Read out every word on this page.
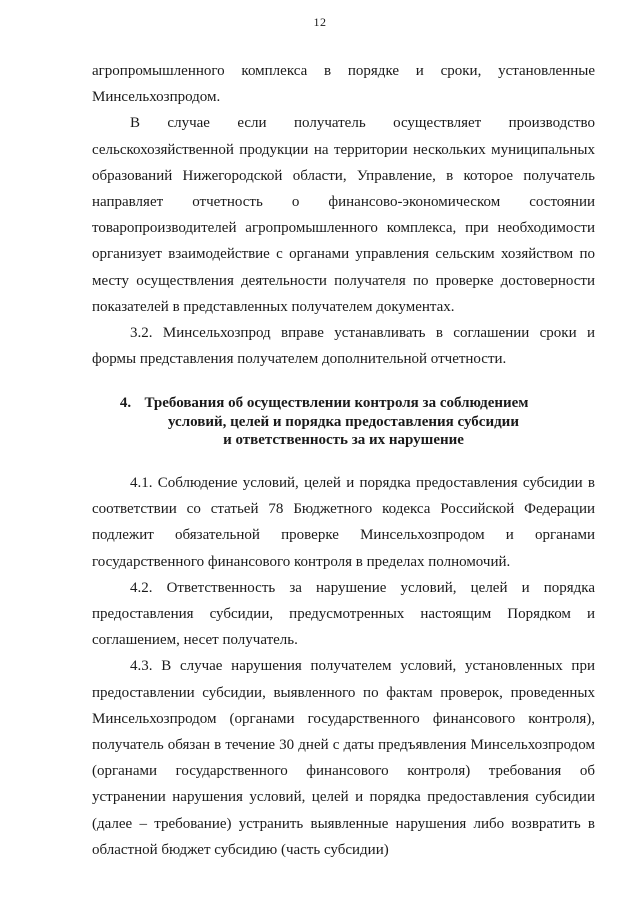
12

агропромышленного комплекса в порядке и сроки, установленные Минсельхозпродом.

В случае если получатель осуществляет производство сельскохозяйственной продукции на территории нескольких муниципальных образований Нижегородской области, Управление, в которое получатель направляет отчетность о финансово-экономическом состоянии товаропроизводителей агропромышленного комплекса, при необходимости организует взаимодействие с органами управления сельским хозяйством по месту осуществления деятельности получателя по проверке достоверности показателей в представленных получателем документах.

3.2. Минсельхозпрод вправе устанавливать в соглашении сроки и формы представления получателем дополнительной отчетности.

4. Требования об осуществлении контроля за соблюдением
условий, целей и порядка предоставления субсидии
и ответственность за их нарушение

4.1. Соблюдение условий, целей и порядка предоставления субсидии в соответствии со статьей 78 Бюджетного кодекса Российской Федерации подлежит обязательной проверке Минсельхозпродом и органами государственного финансового контроля в пределах полномочий.

4.2. Ответственность за нарушение условий, целей и порядка предоставления субсидии, предусмотренных настоящим Порядком и соглашением, несет получатель.

4.3. В случае нарушения получателем условий, установленных при предоставлении субсидии, выявленного по фактам проверок, проведенных Минсельхозпродом (органами государственного финансового контроля), получатель обязан в течение 30 дней с даты предъявления Минсельхозпродом (органами государственного финансового контроля) требования об устранении нарушения условий, целей и порядка предоставления субсидии (далее – требование) устранить выявленные нарушения либо возвратить в областной бюджет субсидию (часть субсидии)
